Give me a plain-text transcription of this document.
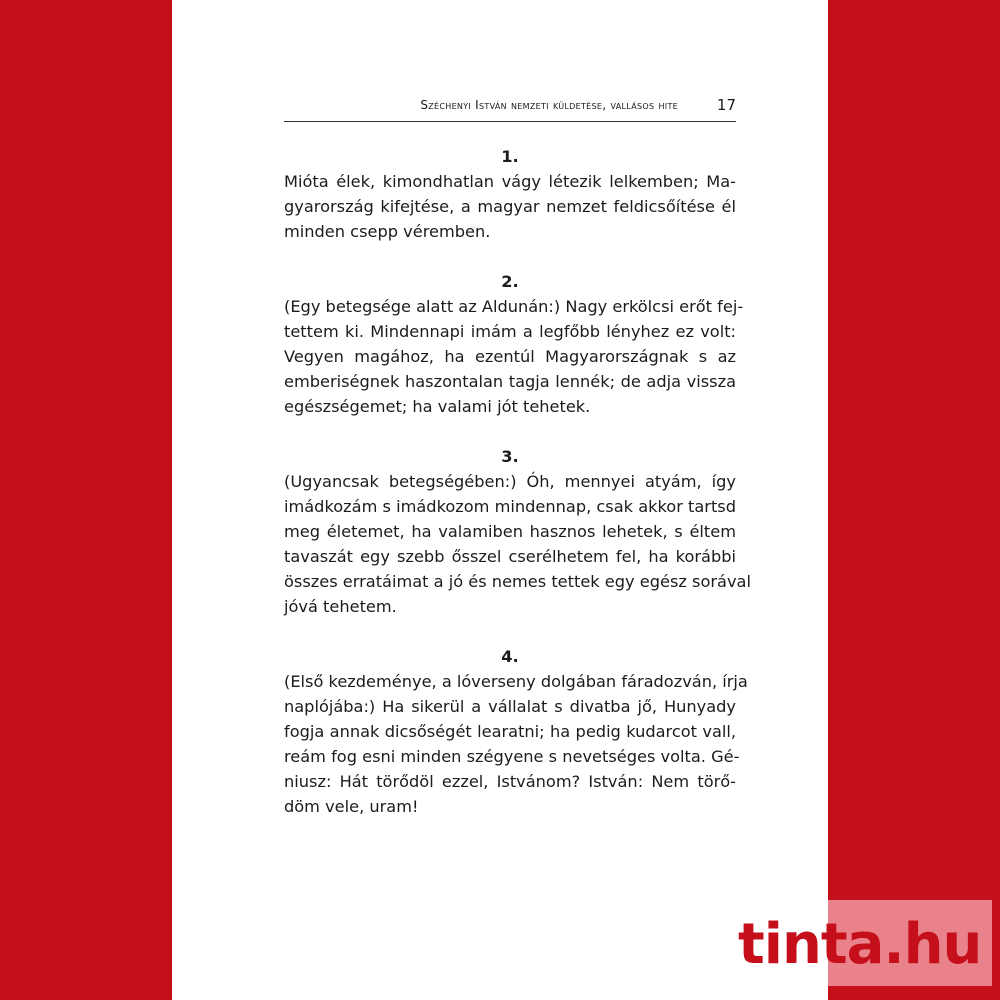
Széchenyi István nemzeti küldetése, vallásos hite	17
1.
Mióta élek, kimondhatlan vágy létezik lelkemben; Ma-
gyarország kifejtése, a magyar nemzet feldicsőítése él
minden csepp véremben.
2.
(Egy betegsége alatt az Aldunán:) Nagy erkölcsi erőt fej-
tettem ki. Mindennapi imám a legfőbb lényhez ez volt:
Vegyen magához, ha ezentúl Magyarországnak s az
emberiségnek haszontalan tagja lennék; de adja vissza
egészségemet; ha valami jót tehetek.
3.
(Ugyancsak betegségében:) Óh, mennyei atyám, így
imádkozám s imádkozom mindennap, csak akkor tartsd
meg életemet, ha valamiben hasznos lehetek, s éltem
tavaszát egy szebb ősszel cserélhetem fel, ha korábbi
összes erratáimat a jó és nemes tettek egy egész sorával
jóvá tehetem.
4.
(Első kezdeménye, a lóverseny dolgában fáradozván, írja
naplójába:) Ha sikerül a vállalat s divatba jő, Hunyady
fogja annak dicsőségét learatni; ha pedig kudarcot vall,
reám fog esni minden szégyene s nevetséges volta. Gé-
niusz: Hát törődöl ezzel, Istvánom? István: Nem törő-
döm vele, uram!
tinta.hu
